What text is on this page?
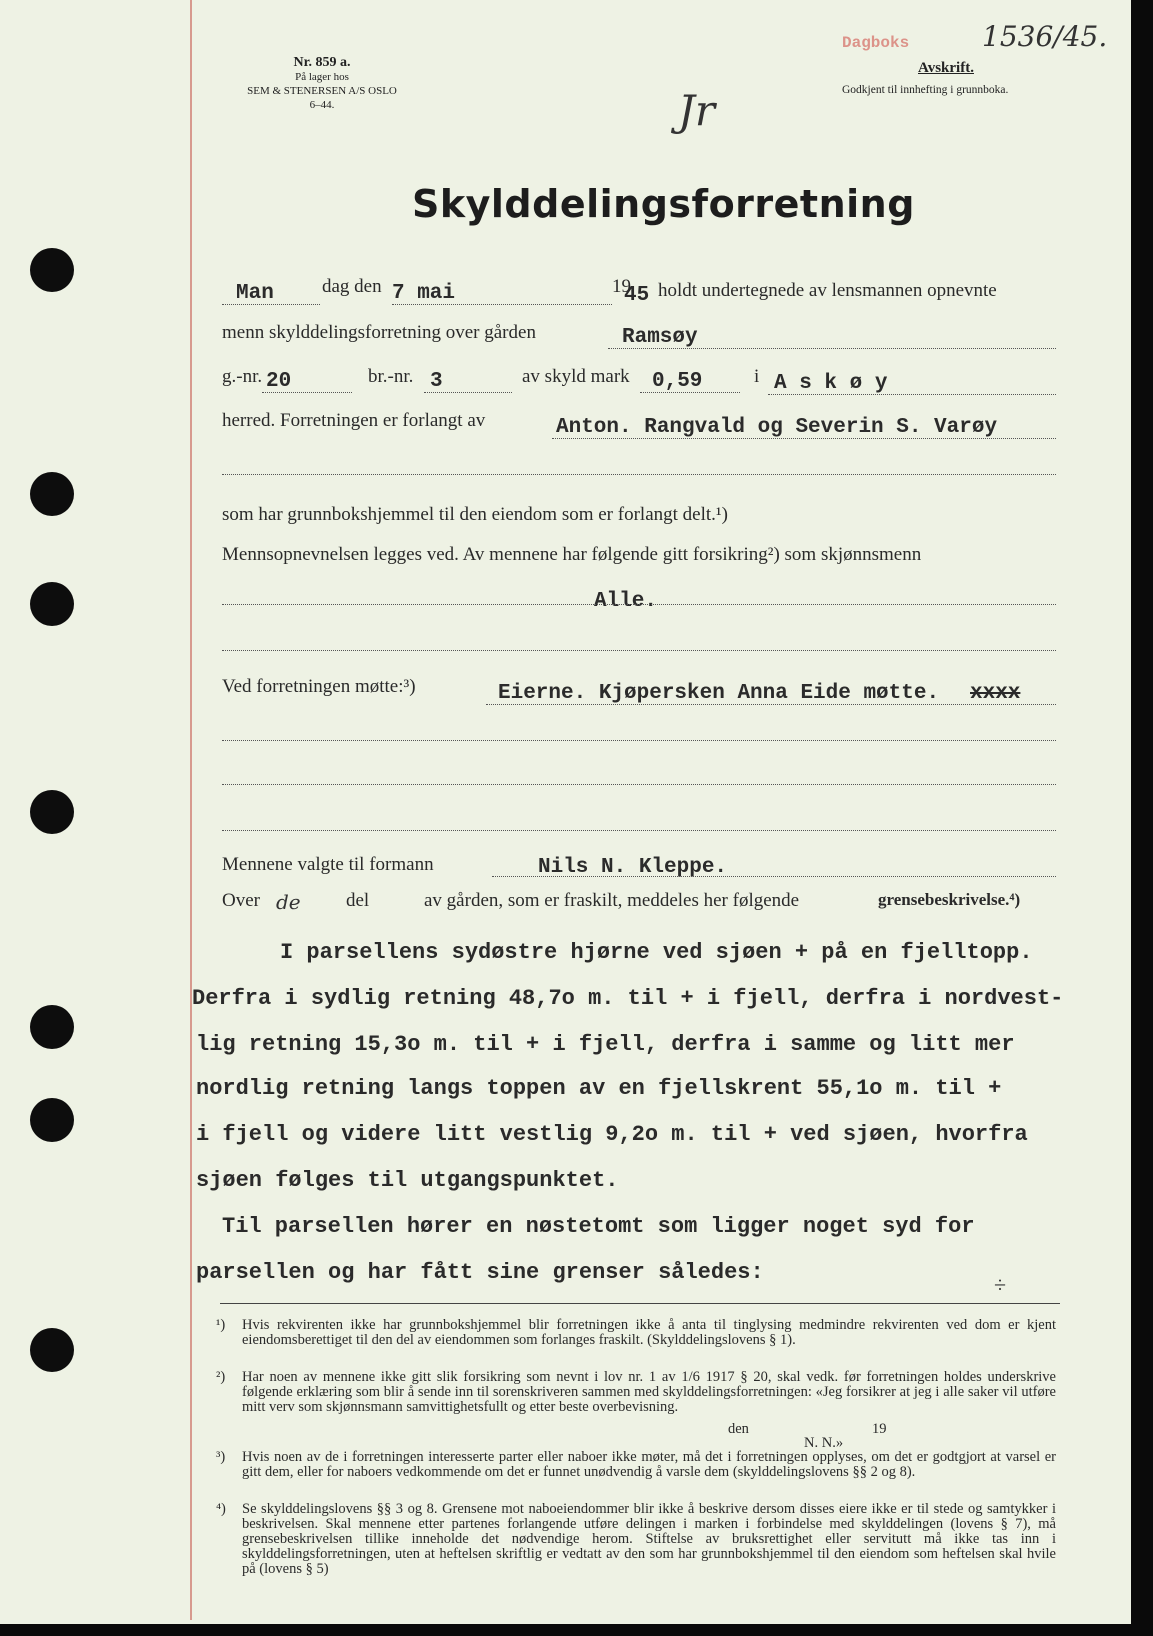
Nr. 859 a.
På lager hos
SEM & STENERSEN A/S OSLO
6–44.	Jr
Dagboks	1536/45.
Avskrift.
Godkjent til innhefting i grunnboka.
Skylddelingsforretning
Man	dag den 7 mai	19
45 holdt undertegnede av lensmannen opnevnte
menn skylddelingsforretning over gården	Ramsøy
g.-nr. 20	br.-nr. 3	av skyld mark 0,59	i A s k ø y
herred. Forretningen er forlangt av	Anton. Rangvald og Severin S. Varøy
som har grunnbokshjemmel til den eiendom som er forlangt delt.¹)
Mennsopnevnelsen legges ved. Av mennene har følgende gitt forsikring²) som skjønnsmenn
Alle.
Ved forretningen møtte:³)	Eierne. Kjøpersken Anna Eide møtte. xxxx
Mennene valgte til formann	Nils N. Kleppe.
Over de del	av gården, som er fraskilt, meddeles her følgende	grensebeskrivelse.⁴)
I parsellens sydøstre hjørne ved sjøen + på en fjelltopp.
Derfra i sydlig retning 48,7o m. til + i fjell, derfra i nordvest-
lig retning 15,3o m. til + i fjell, derfra i samme og litt mer
nordlig retning langs toppen av en fjellskrent 55,1o m. til +
i fjell og videre litt vestlig 9,2o m. til + ved sjøen, hvorfra
sjøen følges til utgangspunktet.
Til parsellen hører en nøstetomt som ligger noget syd for
parsellen og har fått sine grenser således:	÷
¹) Hvis rekvirenten ikke har grunnbokshjemmel blir forretningen ikke å anta til tinglysing medmindre rekvirenten ved dom er kjent eiendomsberettiget til den del av eiendommen som forlanges fraskilt. (Skylddelingslovens § 1).
²) Har noen av mennene ikke gitt slik forsikring som nevnt i lov nr. 1 av 1/6 1917 § 20, skal vedk. før forretningen holdes underskrive følgende erklæring som blir å sende inn til sorenskriveren sammen med skylddelingsforretningen: «Jeg forsikrer at jeg i alle saker vil utføre mitt verv som skjønnsmann samvittighetsfullt og etter beste overbevisning.
den	19
N. N.»
³) Hvis noen av de i forretningen interesserte parter eller naboer ikke møter, må det i forretningen opplyses, om det er godtgjort at varsel er gitt dem, eller for naboers vedkommende om det er funnet unødvendig å varsle dem (skylddelingslovens §§ 2 og 8).
⁴) Se skylddelingslovens §§ 3 og 8. Grensene mot naboeiendommer blir ikke å beskrive dersom disses eiere ikke er til stede og samtykker i beskrivelsen. Skal mennene etter partenes forlangende utføre delingen i marken i forbindelse med skylddelingen (lovens § 7), må grensebeskrivelsen tillike inneholde det nødvendige herom. Stiftelse av bruksrettighet eller servitutt må ikke tas inn i skylddelingsforretningen, uten at heftelsen skriftlig er vedtatt av den som har grunnbokshjemmel til den eiendom som heftelsen skal hvile på (lovens § 5)
